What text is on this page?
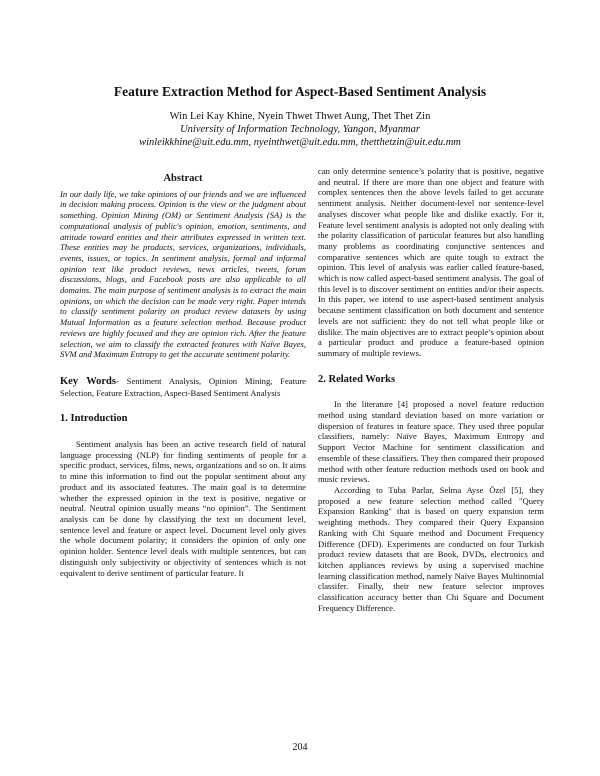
Feature Extraction Method for Aspect-Based Sentiment Analysis
Win Lei Kay Khine, Nyein Thwet Thwet Aung, Thet Thet Zin
University of Information Technology, Yangon, Myanmar
winleikkhine@uit.edu.mm, nyeinthwet@uit.edu.mm, thetthetzin@uit.edu.mm
Abstract

In our daily life, we take opinions of our friends and we are influenced in decision making process. Opinion is the view or the judgment about something. Opinion Mining (OM) or Sentiment Analysis (SA) is the computational analysis of public's opinion, emotion, sentiments, and attitude toward entities and their attributes expressed in written text. These entities may be products, services, organizations, individuals, events, issues, or topics. In sentiment analysis, formal and informal opinion text like product reviews, news articles, tweets, forum discussions, blogs, and Facebook posts are also applicable to all domains. The main purpose of sentiment analysis is to extract the main opinions, on which the decision can be made very right. Paper intends to classify sentiment polarity on product review datasets by using Mutual Information as a feature selection method. Because product reviews are highly focused and they are opinion rich. After the feature selection, we aim to classify the extracted features with Naïve Bayes, SVM and Maximum Entropy to get the accurate sentiment polarity.

Key Words- Sentiment Analysis, Opinion Mining, Feature Selection, Feature Extraction, Aspect-Based Sentiment Analysis

1. Introduction

Sentiment analysis has been an active research field of natural language processing (NLP) for finding sentiments of people for a specific product, services, films, news, organizations and so on. It aims to mine this information to find out the popular sentiment about any product and its associated features. The main goal is to determine whether the expressed opinion in the text is positive, negative or neutral. Neutral opinion usually means “no opinion”. The Sentiment analysis can be done by classifying the text on document level, sentence level and feature or aspect level. Document level only gives the whole document polarity; it considers the opinion of only one opinion holder. Sentence level deals with multiple sentences, but can distinguish only subjectivity or objectivity of sentences which is not equivalent to derive sentiment of particular feature. It

can only determine sentence’s polarity that is positive, negative and neutral. If there are more than one object and feature with complex sentences then the above levels failed to get accurate sentiment analysis. Neither document-level nor sentence-level analyses discover what people like and dislike exactly. For it, Feature level sentiment analysis is adopted not only dealing with the polarity classification of particular features but also handling many problems as coordinating conjunctive sentences and comparative sentences which are quite tough to extract the opinion. This level of analysis was earlier called feature-based, which is now called aspect-based sentiment analysis. The goal of this level is to discover sentiment on entities and/or their aspects. In this paper, we intend to use aspect-based sentiment analysis because sentiment classification on both document and sentence levels are not sufficient: they do not tell what people like or dislike. The main objectives are to extract people’s opinion about a particular product and produce a feature-based opinion summary of multiple reviews.

2. Related Works

In the literature [4] proposed a novel feature reduction method using standard deviation based on more variation or dispersion of features in feature space. They used three popular classifiers, namely: Naïve Bayes, Maximum Entropy and Support Vector Machine for sentiment classification and ensemble of these classifiers. They then compared their proposed method with other feature reduction methods used on book and music reviews.

According to Tuba Parlar, Selma Ayse Özel [5], they proposed a new feature selection method called "Query Expansion Ranking" that is based on query expansion term weighting methods. They compared their Query Expansion Ranking with Chi Square method and Document Frequency Difference (DFD). Experiments are conducted on four Turkish product review datasets that are Book, DVDs, electronics and kitchen appliances reviews by using a supervised machine learning classification method, namely Naïve Bayes Multinomial classifer. Finally, their new feature selector improves classification accuracy better than Chi Square and Document Frequency Difference.

204
